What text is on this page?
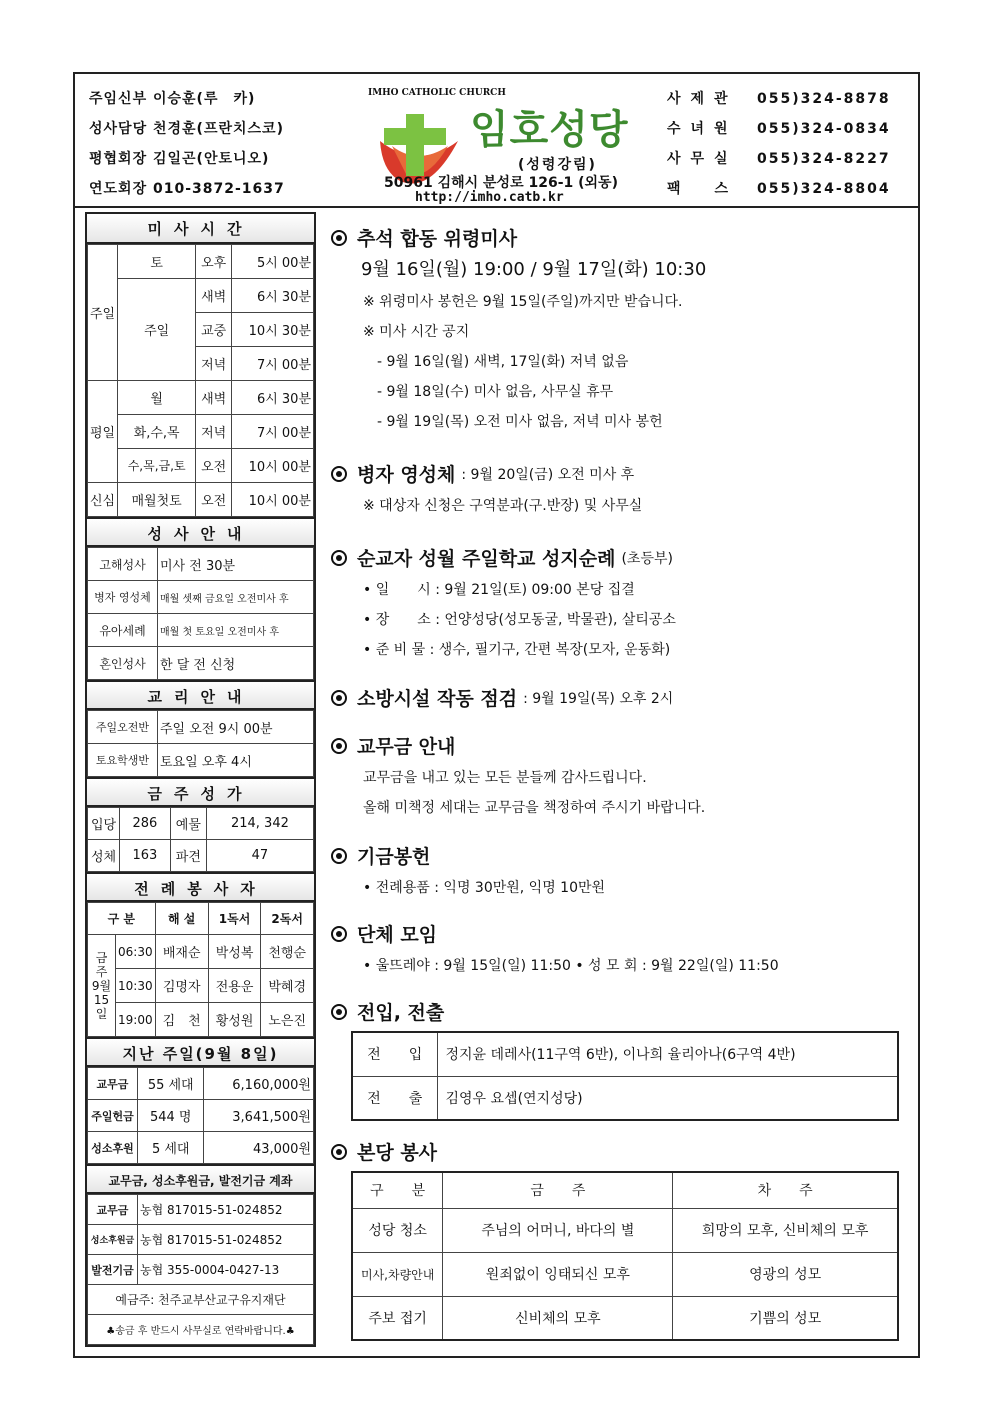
주임신부 이승훈(루　카)
성사담당 천경훈(프란치스코)
평협회장 김일곤(안토니오)
연도회장 010-3872-1637
IMHO CATHOLIC CHURCH
임호성당
(성령강림)
50961 김해시 분성로 126-1 (외동)
http://imho.catb.kr
사제관	055)324-8878
수녀원	055)324-0834
사무실	055)324-8227
팩　스	055)324-8804
미사시간
주일	토	오후	5시 00분
	주일	새벽	6시 30분
		교중	10시 30분
		저녁	7시 00분
평일	월	새벽	6시 30분
	화,수,목	저녁	7시 00분
	수,목,금,토	오전	10시 00분
신심	매월첫토	오전	10시 00분
성사안내
고해성사	미사 전 30분
병자 영성체	매월 셋째 금요일 오전미사 후
유아세례	매월 첫 토요일 오전미사 후
혼인성사	한 달 전 신청
교리안내
주일오전반	주일 오전 9시 00분
토요학생반	토요일 오후 4시
금주성가
입당	286	예물	214, 342
성체	163	파견	47
전례봉사자
구 분		해 설	1독서	2독서
금주 9월 15일	06:30	배재순	박성복	천행순
	10:30	김명자	전용운	박혜경
	19:00	김　천	황성원	노은진
지난 주일(9월 8일)
교무금	55 세대	6,160,000원
주일헌금	544 명	3,641,500원
성소후원	5 세대	43,000원
교무금, 성소후원금, 발전기금 계좌
교무금	농협 817015-51-024852
성소후원금	농협 817015-51-024852
발전기금	농협 355-0004-0427-13
예금주: 천주교부산교구유지재단	
♣송금 후 반드시 사무실로 연락바랍니다.♣	
추석 합동 위령미사
9월 16일(월) 19:00 / 9월 17일(화) 10:30
※ 위령미사 봉헌은 9월 15일(주일)까지만 받습니다.
※ 미사 시간 공지
- 9월 16일(월) 새벽, 17일(화) 저녁 없음
- 9월 18일(수) 미사 없음, 사무실 휴무
- 9월 19일(목) 오전 미사 없음, 저녁 미사 봉헌
병자 영성체 : 9월 20일(금) 오전 미사 후
※ 대상자 신청은 구역분과(구.반장) 및 사무실
순교자 성월 주일학교 성지순례 (초등부)
• 일　　시 : 9월 21일(토) 09:00 본당 집결
• 장　　소 : 언양성당(성모동굴, 박물관), 살티공소
• 준 비 물 : 생수, 필기구, 간편 복장(모자, 운동화)
소방시설 작동 점검 : 9월 19일(목) 오후 2시
교무금 안내
교무금을 내고 있는 모든 분들께 감사드립니다.
올해 미책정 세대는 교무금을 책정하여 주시기 바랍니다.
기금봉헌
• 전례용품 : 익명 30만원, 익명 10만원
단체 모임
• 울뜨레야 : 9월 15일(일) 11:50 • 성 모 회 : 9월 22일(일) 11:50
전입, 전출
전　　입	정지윤 데레사(11구역 6반), 이나희 율리아나(6구역 4반)
전　　출	김영우 요셉(연지성당)
본당 봉사
구　　분	금　　주	차　　주
성당 청소	주님의 어머니, 바다의 별	희망의 모후, 신비체의 모후
미사,차량안내	원죄없이 잉태되신 모후	영광의 성모
주보 접기	신비체의 모후	기쁨의 성모
